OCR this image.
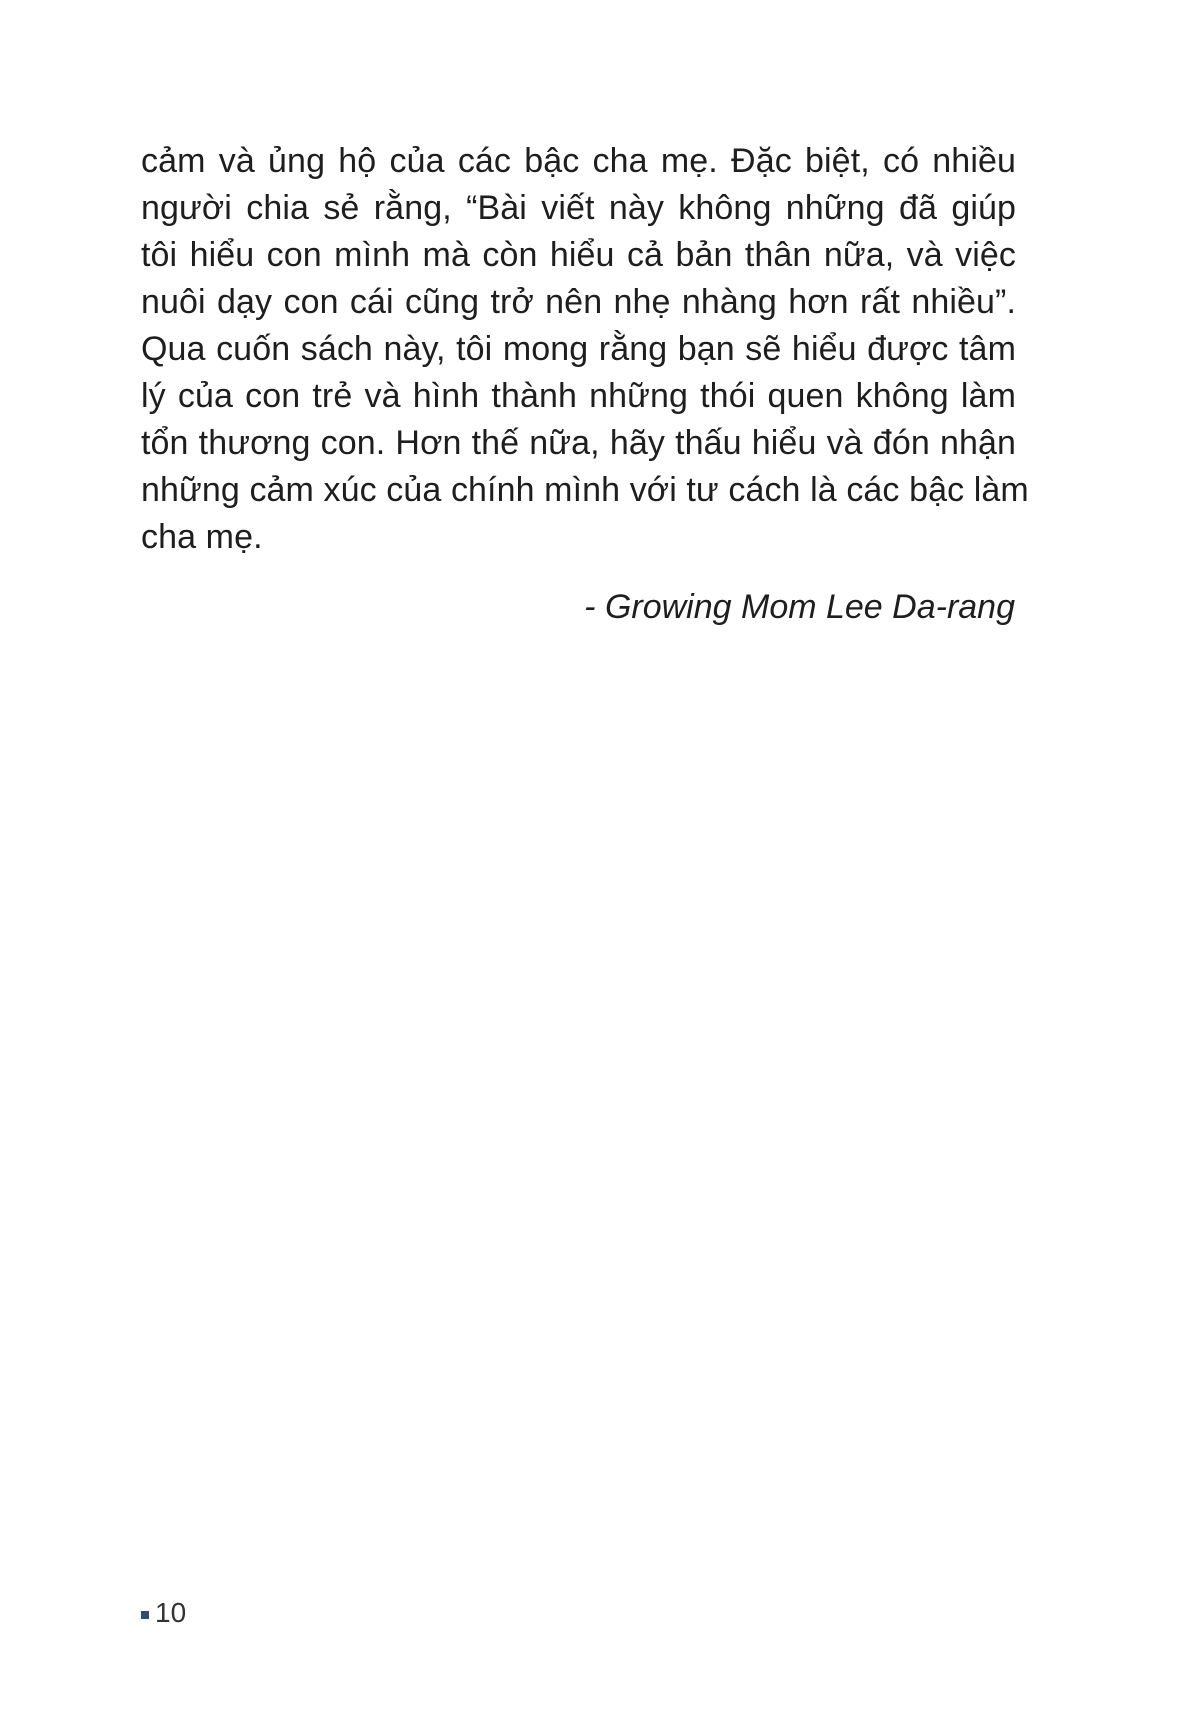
cảm và ủng hộ của các bậc cha mẹ. Đặc biệt, có nhiều
người chia sẻ rằng, “Bài viết này không những đã giúp
tôi hiểu con mình mà còn hiểu cả bản thân nữa, và việc
nuôi dạy con cái cũng trở nên nhẹ nhàng hơn rất nhiều”.
Qua cuốn sách này, tôi mong rằng bạn sẽ hiểu được tâm
lý của con trẻ và hình thành những thói quen không làm
tổn thương con. Hơn thế nữa, hãy thấu hiểu và đón nhận
những cảm xúc của chính mình với tư cách là các bậc làm
cha mẹ.
- Growing Mom Lee Da-rang
10
